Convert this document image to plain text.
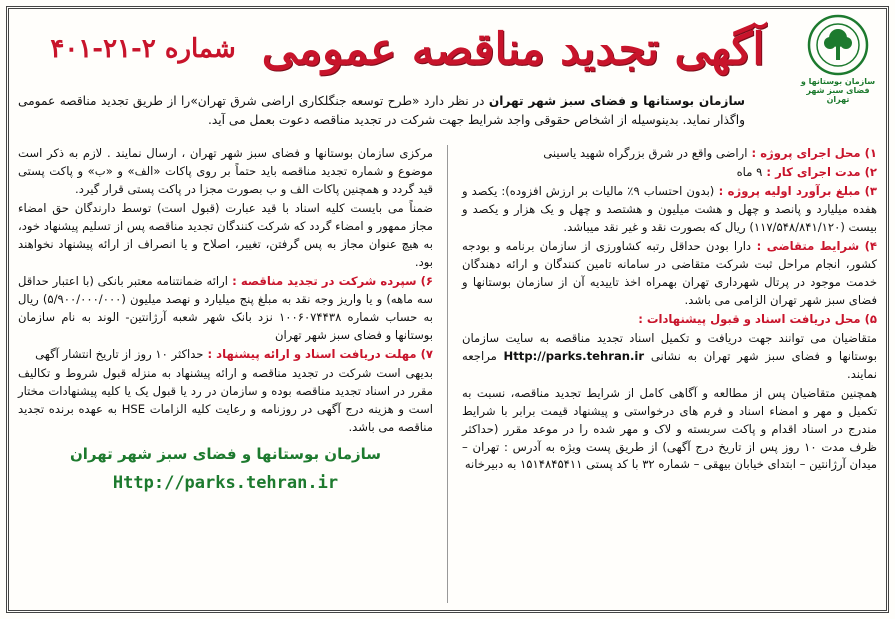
سازمان بوستانها و فضای سبز شهر تهران
آگهی تجدید مناقصه عمومی
شماره ۲-۲۱-۴۰۱
سازمان بوستانها و فضای سبز شهر تهران در نظر دارد «طرح توسعه جنگلکاری اراضی شرق تهران»را از طریق تجدید مناقصه عمومی واگذار نماید. بدینوسیله از اشخاص حقوقی واجد شرایط جهت شرکت در تجدید مناقصه دعوت بعمل می آید.

۱) محل اجرای پروژه : اراضی واقع در شرق بزرگراه شهید یاسینی

۲) مدت اجرای کار : ۹ ماه

۳) مبلغ برآورد اولیه پروژه : (بدون احتساب ۹٪ مالیات بر ارزش افزوده): یکصد و هفده میلیارد و پانصد و چهل و هشت میلیون و هشتصد و چهل و یک هزار و یکصد و بیست (۱۱۷/۵۴۸/۸۴۱/۱۲۰) ریال که بصورت نقد و غیر نقد میباشد.

۴) شرایط متقاضی : دارا بودن حداقل رتبه کشاورزی از سازمان برنامه و بودجه کشور، انجام مراحل ثبت شرکت متقاضی در سامانه تامین کنندگان و ارائه دهندگان خدمت موجود در پرتال شهرداری تهران بهمراه اخذ تاییدیه آن از سازمان بوستانها و فضای سبز شهر تهران الزامی می باشد.

۵) محل دریافت اسناد و قبول پیشنهادات :

متقاضیان می توانند جهت دریافت و تکمیل اسناد تجدید مناقصه به سایت سازمان بوستانها و فضای سبز شهر تهران به نشانی Http://parks.tehran.ir مراجعه نمایند.

همچنین متقاضیان پس از مطالعه و آگاهی کامل از شرایط تجدید مناقصه، نسبت به تکمیل و مهر و امضاء اسناد و فرم های درخواستی و پیشنهاد قیمت برابر با شرایط مندرج در اسناد اقدام و پاکت سربسته و لاک و مهر شده را در موعد مقرر (حداکثر ظرف مدت ۱۰ روز پس از تاریخ درج آگهی) از طریق پست ویژه به آدرس : تهران – میدان آرژانتین – ابتدای خیابان بیهقی – شماره ۳۲ با کد پستی ۱۵۱۴۸۴۵۴۱۱ به دبیرخانه

مرکزی سازمان بوستانها و فضای سبز شهر تهران ، ارسال نمایند . لازم به ذکر است موضوع و شماره تجدید مناقصه باید حتماً بر روی پاکات «الف» و «ب» و پاکت پستی قید گردد و همچنین پاکات الف و ب بصورت مجزا در پاکت پستی قرار گیرد.

ضمناً می بایست کلیه اسناد با قید عبارت (قبول است) توسط دارندگان حق امضاء مجاز ممهور و امضاء گردد که شرکت کنندگان تجدید مناقصه پس از تسلیم پیشنهاد خود، به هیچ عنوان مجاز به پس گرفتن، تغییر، اصلاح و یا انصراف از ارائه پیشنهاد نخواهند بود.

۶) سپرده شرکت در تجدید مناقصه : ارائه ضمانتنامه معتبر بانکی (با اعتبار حداقل سه ماهه) و یا واریز وجه نقد به مبلغ پنج میلیارد و نهصد میلیون (۵/۹۰۰/۰۰۰/۰۰۰) ریال به حساب شماره ۱۰۰۶۰۷۴۴۳۸ نزد بانک شهر شعبه آرژانتین- الوند به نام سازمان بوستانها و فضای سبز شهر تهران

۷) مهلت دریافت اسناد و ارائه پیشنهاد : حداکثر ۱۰ روز از تاریخ انتشار آگهی

بدیهی است شرکت در تجدید مناقصه و ارائه پیشنهاد به منزله قبول شروط و تکالیف مقرر در اسناد تجدید مناقصه بوده و سازمان در رد یا قبول یک یا کلیه پیشنهادات مختار است و هزینه درج آگهی در روزنامه و رعایت کلیه الزامات HSE به عهده برنده تجدید مناقصه می باشد.

سازمان بوستانها و فضای سبز شهر تهران
Http://parks.tehran.ir
